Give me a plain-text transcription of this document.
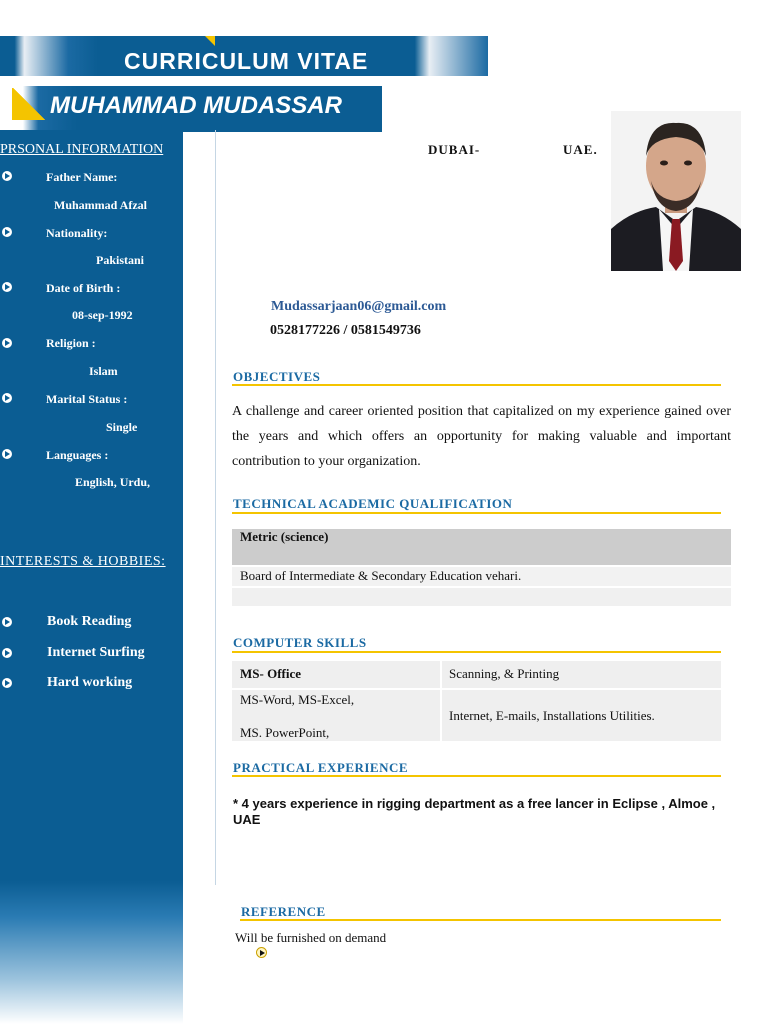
CURRICULUM VITAE
MUHAMMAD MUDASSAR
PRSONAL INFORMATION
Father Name:
Muhammad Afzal
Nationality:
Pakistani
Date of Birth :
08-sep-1992
Religion :
Islam
Marital Status :
Single
Languages :
English, Urdu,
INTERESTS & HOBBIES:
Book Reading
Internet Surfing
Hard working
DUBAI-	UAE.
Mudassarjaan06@gmail.com
0528177226 / 0581549736
OBJECTIVES
A challenge and career oriented position that capitalized on my experience gained over the years and which offers an opportunity for making valuable and important contribution to your organization.
TECHNICAL ACADEMIC QUALIFICATION
Metric (science)
Board of Intermediate & Secondary Education vehari.
COMPUTER SKILLS
MS- Office	Scanning, & Printing
MS-Word, MS-Excel,
MS. PowerPoint,
Internet, E-mails, Installations Utilities.
PRACTICAL EXPERIENCE
* 4 years experience in rigging department as a free lancer in Eclipse , Almoe , UAE
REFERENCE
Will be furnished on demand
